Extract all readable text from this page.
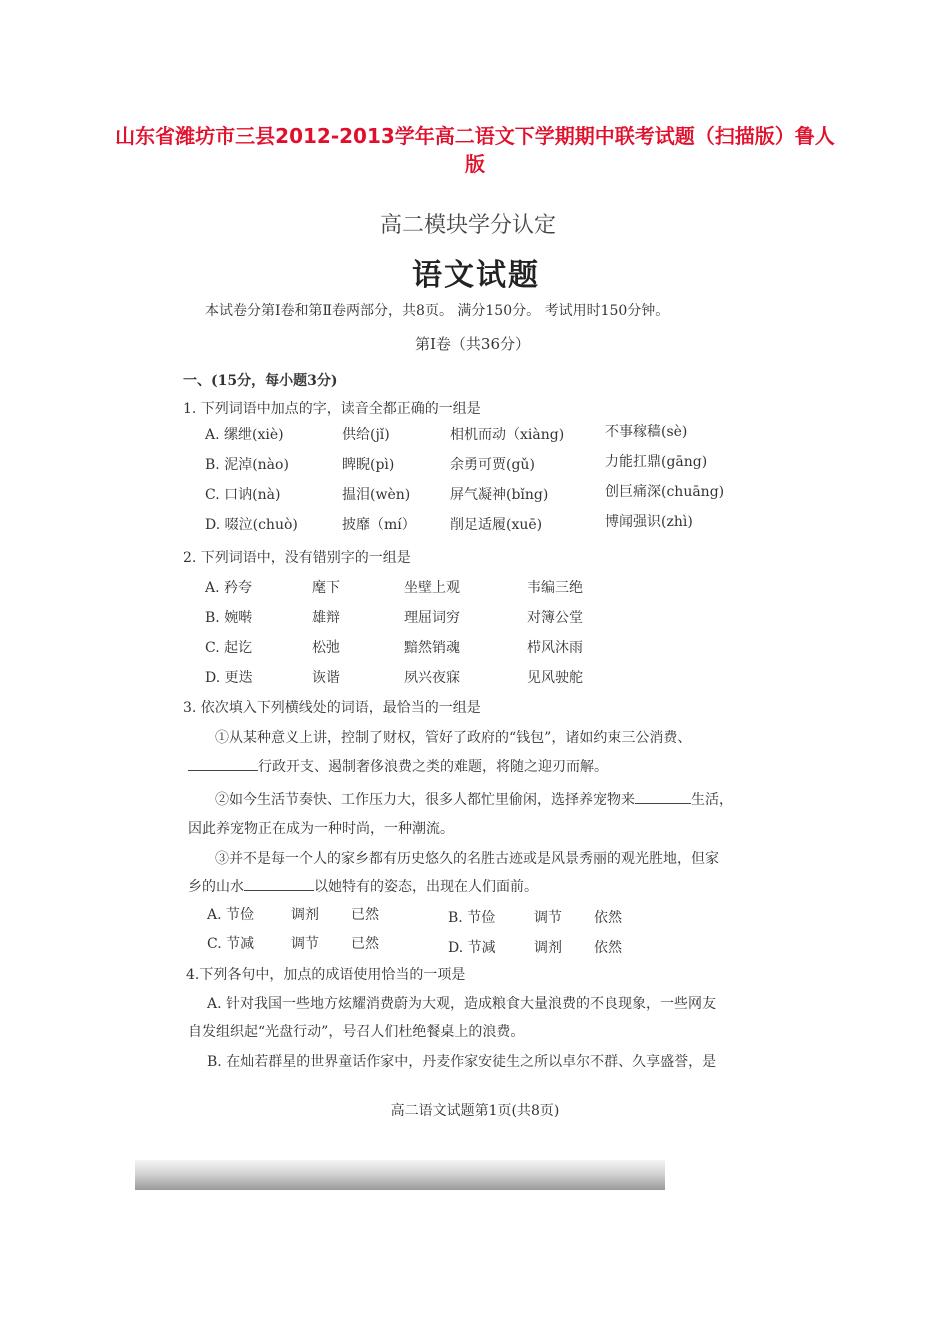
山东省潍坊市三县2012-2013学年高二语文下学期期中联考试题（扫描版）鲁人版
高二模块学分认定
语文试题
本试卷分第Ⅰ卷和第Ⅱ卷两部分，共8页。 满分150分。 考试用时150分钟。
第Ⅰ卷（共36分）
一、(15分，每小题3分)
1. 下列词语中加点的字，读音全都正确的一组是
A. 缧绁(xiè)	供给(jǐ)	相机而动（xiàng)	不事稼穑(sè)
B. 泥淖(nào)	睥睨(pì)	余勇可贾(gǔ)	力能扛鼎(gāng)
C. 口讷(nà)	揾泪(wèn)	屏气凝神(bǐng)	创巨痛深(chuāng)
D. 啜泣(chuò)	披靡（mí） 削足适履(xuē)	博闻强识(zhì)
2. 下列词语中，没有错别字的一组是
A. 矜夸	麾下	坐壁上观	韦编三绝
B. 婉啭	雄辩	理屈词穷	对簿公堂
C. 起讫	松弛	黯然销魂	栉风沐雨
D. 更迭	诙谐	夙兴夜寐	见风驶舵
3. 依次填入下列横线处的词语，最恰当的一组是
①从某种意义上讲，控制了财权，管好了政府的“钱包”，诸如约束三公消费、
行政开支、遏制奢侈浪费之类的难题，将随之迎刃而解。
②如今生活节奏快、工作压力大，很多人都忙里偷闲，选择养宠物来	生活，
因此养宠物正在成为一种时尚，一种潮流。
③并不是每一个人的家乡都有历史悠久的名胜古迹或是风景秀丽的观光胜地，但家
乡的山水	以她特有的姿态，出现在人们面前。
A. 节俭	调剂 已然	B. 节俭	调节 依然
C. 节减	调节 已然	D. 节减	调剂 依然
4.下列各句中，加点的成语使用恰当的一项是
A. 针对我国一些地方炫耀消费蔚为大观，造成粮食大量浪费的不良现象，一些网友
自发组织起“光盘行动”，号召人们杜绝餐桌上的浪费。
B. 在灿若群星的世界童话作家中，丹麦作家安徒生之所以卓尔不群、久享盛誉，是
高二语文试题第1页(共8页)
